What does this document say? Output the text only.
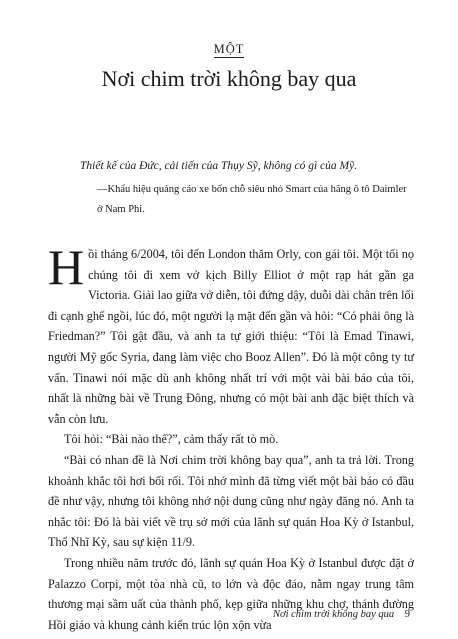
MỘT
Nơi chim trời không bay qua
Thiết kế của Đức, cải tiến của Thụy Sỹ, không có gì của Mỹ.
—Khẩu hiệu quảng cáo xe bốn chỗ siêu nhỏ Smart của hãng ô tô Daimler ở Nam Phi.

Hồi tháng 6/2004, tôi đến London thăm Orly, con gái tôi. Một tối nọ chúng tôi đi xem vở kịch Billy Elliot ở một rạp hát gần ga Victoria. Giải lao giữa vở diễn, tôi đứng dậy, duỗi dài chân trên lối đi cạnh ghế ngồi, lúc đó, một người lạ mặt đến gần và hỏi: “Có phải ông là Friedman?” Tôi gật đầu, và anh ta tự giới thiệu: “Tôi là Emad Tinawi, người Mỹ gốc Syria, đang làm việc cho Booz Allen”. Đó là một công ty tư vấn. Tinawi nói mặc dù anh không nhất trí với một vài bài báo của tôi, nhất là những bài về Trung Đông, nhưng có một bài anh đặc biệt thích và vẫn còn lưu.

Tôi hỏi: “Bài nào thế?”, cảm thấy rất tò mò.

“Bài có nhan đề là Nơi chim trời không bay qua”, anh ta trả lời. Trong khoảnh khắc tôi hơi bối rối. Tôi nhớ mình đã từng viết một bài báo có đầu đề như vậy, nhưng tôi không nhớ nội dung cũng như ngày đăng nó. Anh ta nhắc tôi: Đó là bài viết về trụ sở mới của lãnh sự quán Hoa Kỳ ở Istanbul, Thổ Nhĩ Kỳ, sau sự kiện 11/9.

Trong nhiều năm trước đó, lãnh sự quán Hoa Kỳ ở Istanbul được đặt ở Palazzo Corpi, một tòa nhà cũ, to lớn và độc đáo, nằm ngay trung tâm thương mại sầm uất của thành phố, kẹp giữa những khu chợ, thánh đường Hồi giáo và khung cảnh kiến trúc lộn xộn vừa

Nơi chim trời không bay qua 9
